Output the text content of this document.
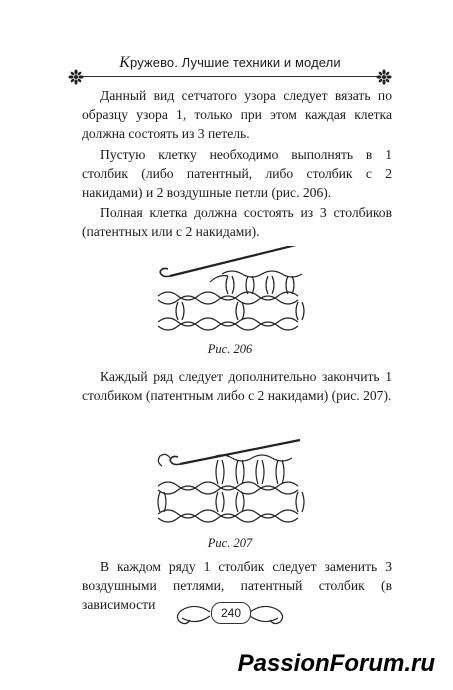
Кружево. Лучшие техники и модели

Данный вид сетчатого узора следует вязать по образцу узора 1, только при этом каждая клетка должна состоять из 3 петель.

Пустую клетку необходимо выполнять в 1 столбик (либо патентный, либо столбик с 2 накидами) и 2 воздушные петли (рис. 206).

Полная клетка должна состоять из 3 столбиков (патентных или с 2 накидами).

Рис. 206

Каждый ряд следует дополнительно закончить 1 столбиком (патентным либо с 2 накидами) (рис. 207).

Рис. 207

В каждом ряду 1 столбик следует заменить 3 воздушными петлями, патентный столбик (в зависимости

240
PassionForum.ru
